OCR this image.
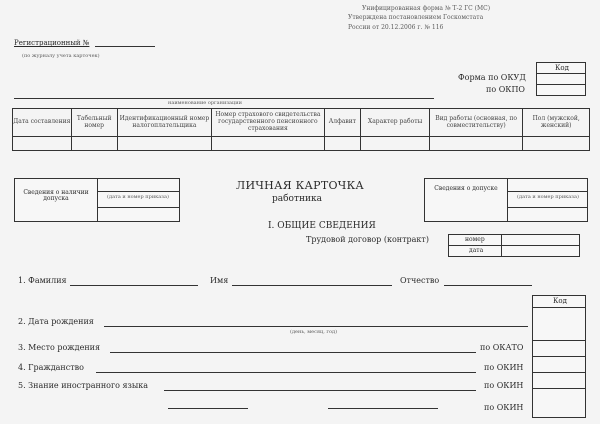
Унифицированная форма № Т-2 ГС (МС)
Утверждена постановлением Госкомстата
России от 20.12.2006 г. № 116
Регистрационный №
(по журналу учета карточек)
Код
Форма по ОКУД
по ОКПО
наименование организации
Дата составления	Табельный номер	Идентификационный номер налогоплательщика	Номер страхового свидетельства государственного пенсионного страхования	Алфавит	Характер работы	Вид работы (основная, по совместительству)	Пол (мужской, женский)

Сведения о наличии допуска	(дата и номер приказа)
Сведения о допуске
(дата и номер приказа)
ЛИЧНАЯ КАРТОЧКА
работника
I. ОБЩИЕ СВЕДЕНИЯ
Трудовой договор (контракт)	номер
дата
1. Фамилия	Имя	Отчество
Код
2. Дата рождения
(день, месяц, год)
3. Место рождения	по ОКАТО
4. Гражданство	по ОКИН
5. Знание иностранного языка	по ОКИН
по ОКИН
